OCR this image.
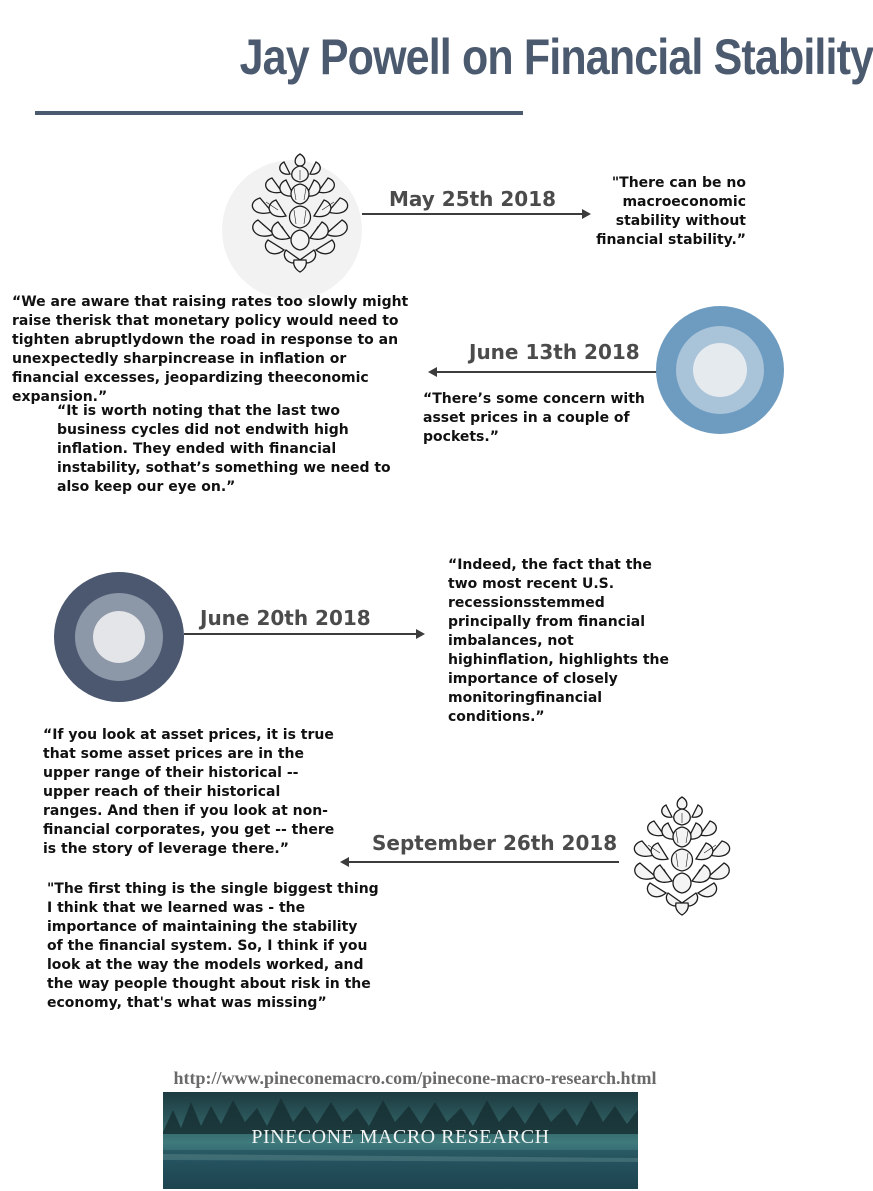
Jay Powell on Financial Stability
May 25th 2018
"There can be no
macroeconomic
stability without
financial stability.”
“We are aware that raising rates too slowly might
raise therisk that monetary policy would need to
tighten abruptlydown the road in response to an
unexpectedly sharpincrease in inflation or
financial excesses, jeopardizing theeconomic
expansion.”
“It is worth noting that the last two
business cycles did not endwith high
inflation. They ended with financial
instability, sothat’s something we need to
also keep our eye on.”
June 13th 2018
“There’s some concern with
asset prices in a couple of
pockets.”
June 20th 2018
“Indeed, the fact that the
two most recent U.S.
recessionsstemmed
principally from financial
imbalances, not
highinflation, highlights the
importance of closely
monitoringfinancial
conditions.”
“If you look at asset prices, it is true
that some asset prices are in the
upper range of their historical --
upper reach of their historical
ranges. And then if you look at non-
financial corporates, you get -- there
is the story of leverage there.”	September 26th 2018
"The first thing is the single biggest thing
I think that we learned was - the
importance of maintaining the stability
of the financial system. So, I think if you
look at the way the models worked, and
the way people thought about risk in the
economy, that's what was missing”
http://www.pineconemacro.com/pinecone-macro-research.html
PINECONE MACRO RESEARCH
